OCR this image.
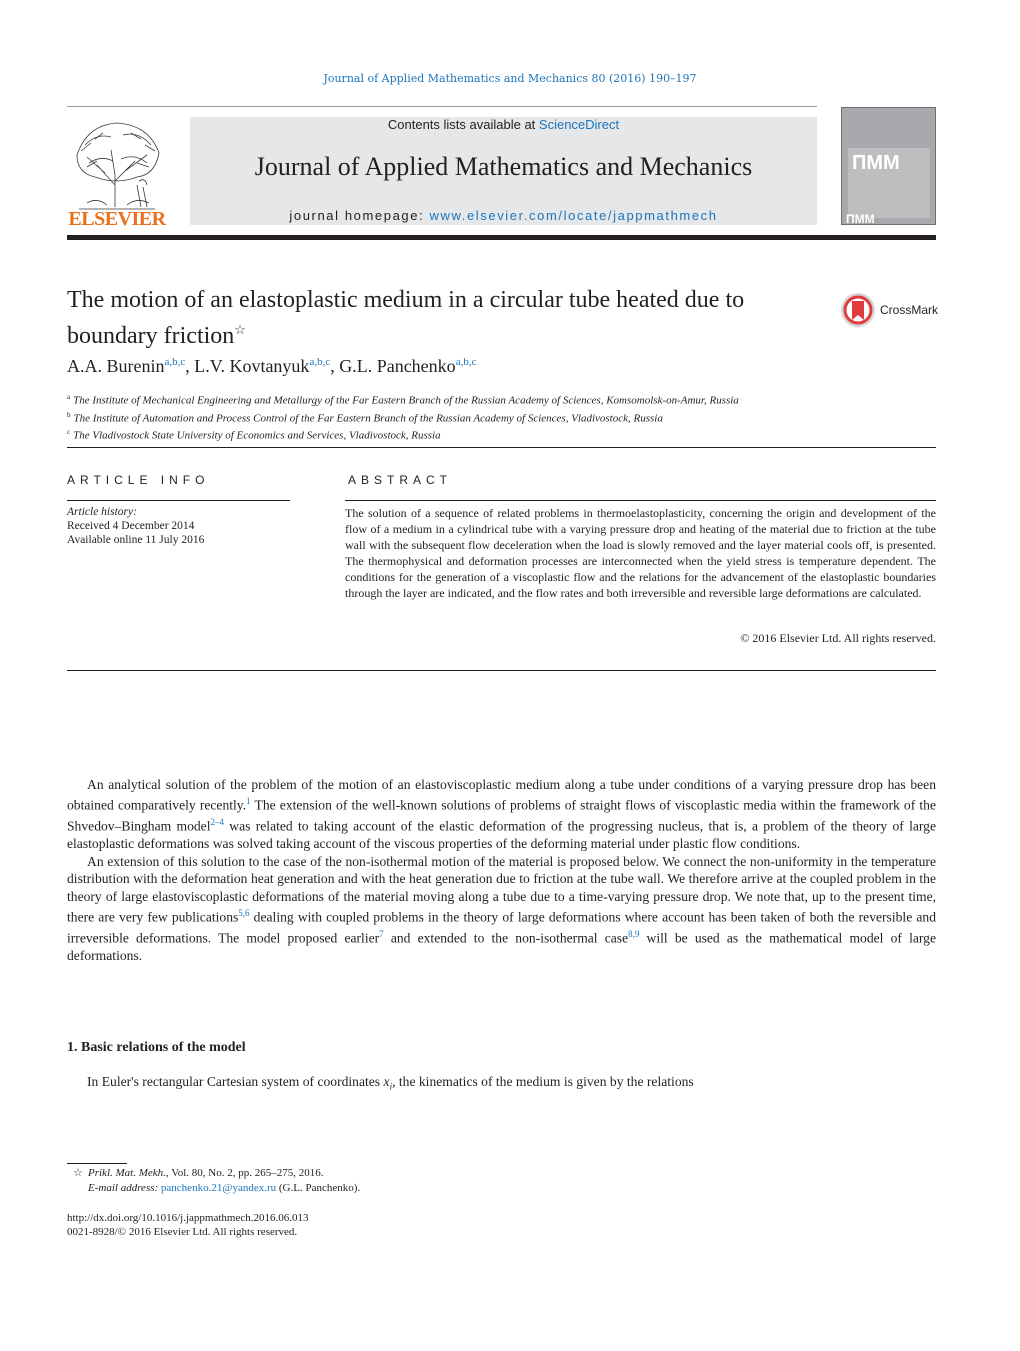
Journal of Applied Mathematics and Mechanics 80 (2016) 190–197
ELSEVIER
Contents lists available at ScienceDirect
Journal of Applied Mathematics and Mechanics
journal homepage: www.elsevier.com/locate/jappmathmech
ПММ
ПММ
The motion of an elastoplastic medium in a circular tube heated due to boundary friction☆
CrossMark
A.A. Burenin$^{a,b,c}$, L.V. Kovtanyuk$^{a,b,c}$, G.L. Panchenko$^{a,b,c}$
$^a$ The Institute of Mechanical Engineering and Metallurgy of the Far Eastern Branch of the Russian Academy of Sciences, Komsomolsk-on-Amur, Russia
$^b$ The Institute of Automation and Process Control of the Far Eastern Branch of the Russian Academy of Sciences, Vladivostock, Russia
$^c$ The Vladivostock State University of Economics and Services, Vladivostock, Russia
ARTICLE INFO
Article history:
Received 4 December 2014
Available online 11 July 2016
ABSTRACT
The solution of a sequence of related problems in thermoelastoplasticity, concerning the origin and development of the flow of a medium in a cylindrical tube with a varying pressure drop and heating of the material due to friction at the tube wall with the subsequent flow deceleration when the load is slowly removed and the layer material cools off, is presented. The thermophysical and deformation processes are interconnected when the yield stress is temperature dependent. The conditions for the generation of a viscoplastic flow and the relations for the advancement of the elastoplastic boundaries through the layer are indicated, and the flow rates and both irreversible and reversible large deformations are calculated.
© 2016 Elsevier Ltd. All rights reserved.

An analytical solution of the problem of the motion of an elastoviscoplastic medium along a tube under conditions of a varying pressure drop has been obtained comparatively recently.$^1$ The extension of the well-known solutions of problems of straight flows of viscoplastic media within the framework of the Shvedov–Bingham model$^{2-4}$ was related to taking account of the elastic deformation of the progressing nucleus, that is, a problem of the theory of large elastoplastic deformations was solved taking account of the viscous properties of the deforming material under plastic flow conditions.

An extension of this solution to the case of the non-isothermal motion of the material is proposed below. We connect the non-uniformity in the temperature distribution with the deformation heat generation and with the heat generation due to friction at the tube wall. We therefore arrive at the coupled problem in the theory of large elastoviscoplastic deformations of the material moving along a tube due to a time-varying pressure drop. We note that, up to the present time, there are very few publications$^{5,6}$ dealing with coupled problems in the theory of large deformations where account has been taken of both the reversible and irreversible deformations. The model proposed earlier$^7$ and extended to the non-isothermal case$^{8,9}$ will be used as the mathematical model of large deformations.

1. Basic relations of the model
In Euler's rectangular Cartesian system of coordinates $x_i$, the kinematics of the medium is given by the relations
☆ Prikl. Mat. Mekh., Vol. 80, No. 2, pp. 265–275, 2016.
E-mail address: panchenko.21@yandex.ru (G.L. Panchenko).
http://dx.doi.org/10.1016/j.jappmathmech.2016.06.013
0021-8928/© 2016 Elsevier Ltd. All rights reserved.
